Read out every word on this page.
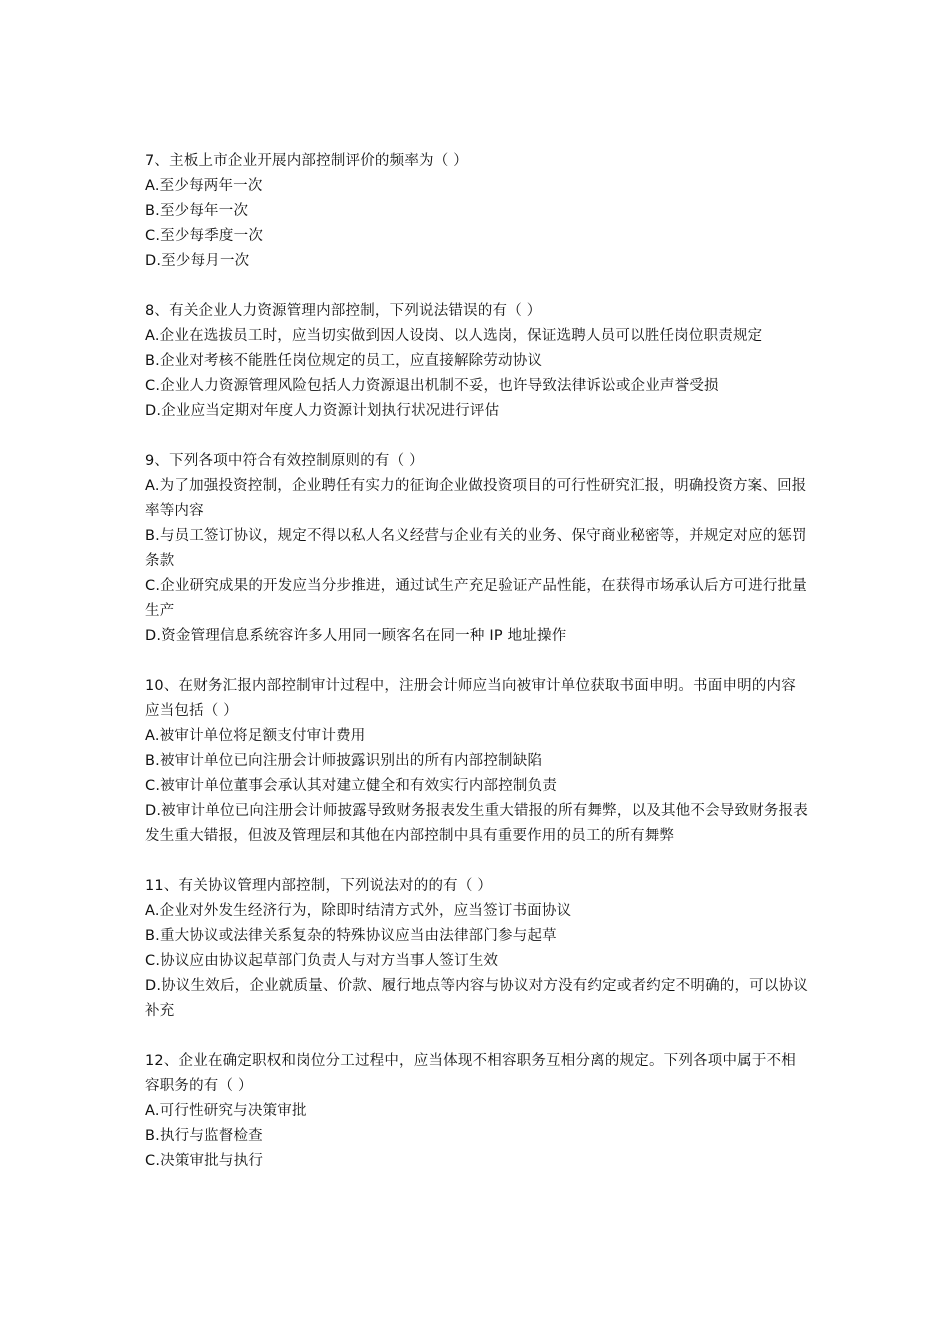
7、主板上市企业开展内部控制评价的频率为（ ）

A.至少每两年一次

B.至少每年一次

C.至少每季度一次

D.至少每月一次

8、有关企业人力资源管理内部控制，下列说法错误的有（ ）

A.企业在选拔员工时，应当切实做到因人设岗、以人选岗，保证选聘人员可以胜任岗位职责规定

B.企业对考核不能胜任岗位规定的员工，应直接解除劳动协议

C.企业人力资源管理风险包括人力资源退出机制不妥，也许导致法律诉讼或企业声誉受损

D.企业应当定期对年度人力资源计划执行状况进行评估

9、下列各项中符合有效控制原则的有（ ）

A.为了加强投资控制，企业聘任有实力的征询企业做投资项目的可行性研究汇报，明确投资方案、回报率等内容

B.与员工签订协议，规定不得以私人名义经营与企业有关的业务、保守商业秘密等，并规定对应的惩罚条款

C.企业研究成果的开发应当分步推进，通过试生产充足验证产品性能，在获得市场承认后方可进行批量生产

D.资金管理信息系统容许多人用同一顾客名在同一种 IP 地址操作

10、在财务汇报内部控制审计过程中，注册会计师应当向被审计单位获取书面申明。书面申明的内容应当包括（ ）

A.被审计单位将足额支付审计费用

B.被审计单位已向注册会计师披露识别出的所有内部控制缺陷

C.被审计单位董事会承认其对建立健全和有效实行内部控制负责

D.被审计单位已向注册会计师披露导致财务报表发生重大错报的所有舞弊，以及其他不会导致财务报表发生重大错报，但波及管理层和其他在内部控制中具有重要作用的员工的所有舞弊

11、有关协议管理内部控制，下列说法对的的有（ ）

A.企业对外发生经济行为，除即时结清方式外，应当签订书面协议

B.重大协议或法律关系复杂的特殊协议应当由法律部门参与起草

C.协议应由协议起草部门负责人与对方当事人签订生效

D.协议生效后，企业就质量、价款、履行地点等内容与协议对方没有约定或者约定不明确的，可以协议补充

12、企业在确定职权和岗位分工过程中，应当体现不相容职务互相分离的规定。下列各项中属于不相容职务的有（ ）

A.可行性研究与决策审批

B.执行与监督检查

C.决策审批与执行
